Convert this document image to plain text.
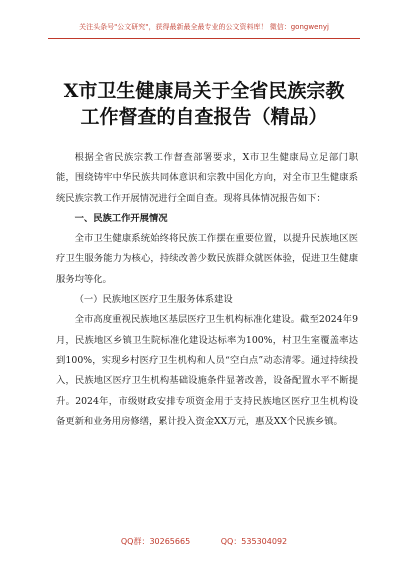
关注头条号"公文研究"，获得最新最全最专业的公文资料库！ 微信：gongwenyj
X市卫生健康局关于全省民族宗教
工作督查的自查报告（精品）

根据全省民族宗教工作督查部署要求，X市卫生健康局立足部门职能，围绕铸牢中华民族共同体意识和宗教中国化方向，对全市卫生健康系统民族宗教工作开展情况进行全面自查。现将具体情况报告如下：

一、民族工作开展情况

全市卫生健康系统始终将民族工作摆在重要位置，以提升民族地区医疗卫生服务能力为核心，持续改善少数民族群众就医体验，促进卫生健康服务均等化。

（一）民族地区医疗卫生服务体系建设

全市高度重视民族地区基层医疗卫生机构标准化建设。截至2024年9月，民族地区乡镇卫生院标准化建设达标率为100%，村卫生室覆盖率达到100%，实现乡村医疗卫生机构和人员“空白点”动态清零。通过持续投入，民族地区医疗卫生机构基础设施条件显著改善，设备配置水平不断提升。2024年，市级财政安排专项资金用于支持民族地区医疗卫生机构设备更新和业务用房修缮，累计投入资金XX万元，惠及XX个民族乡镇。

QQ群：30265665	QQ：535304092
